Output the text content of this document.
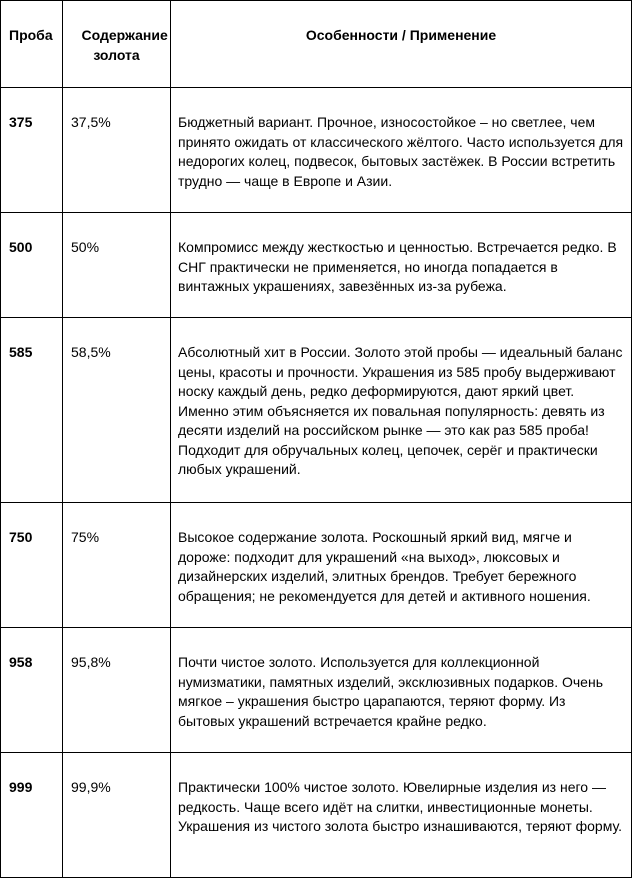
Проба	Содержание золота	Особенности / Применение

375	37,5%	Бюджетный вариант. Прочное, износостойкое – но светлее, чем принято ожидать от классического жёлтого. Часто используется для недорогих колец, подвесок, бытовых застёжек. В России встретить трудно — чаще в Европе и Азии.

500	50%	Компромисс между жесткостью и ценностью. Встречается редко. В СНГ практически не применяется, но иногда попадается в винтажных украшениях, завезённых из-за рубежа.

585	58,5%	Абсолютный хит в России. Золото этой пробы — идеальный баланс цены, красоты и прочности. Украшения из 585 пробу выдерживают носку каждый день, редко деформируются, дают яркий цвет. Именно этим объясняется их повальная популярность: девять из десяти изделий на российском рынке — это как раз 585 проба! Подходит для обручальных колец, цепочек, серёг и практически любых украшений.

750	75%	Высокое содержание золота. Роскошный яркий вид, мягче и дороже: подходит для украшений «на выход», люксовых и дизайнерских изделий, элитных брендов. Требует бережного обращения; не рекомендуется для детей и активного ношения.

958	95,8%	Почти чистое золото. Используется для коллекционной нумизматики, памятных изделий, эксклюзивных подарков. Очень мягкое – украшения быстро царапаются, теряют форму. Из бытовых украшений встречается крайне редко.

999	99,9%	Практически 100% чистое золото. Ювелирные изделия из него — редкость. Чаще всего идёт на слитки, инвестиционные монеты. Украшения из чистого золота быстро изнашиваются, теряют форму.
